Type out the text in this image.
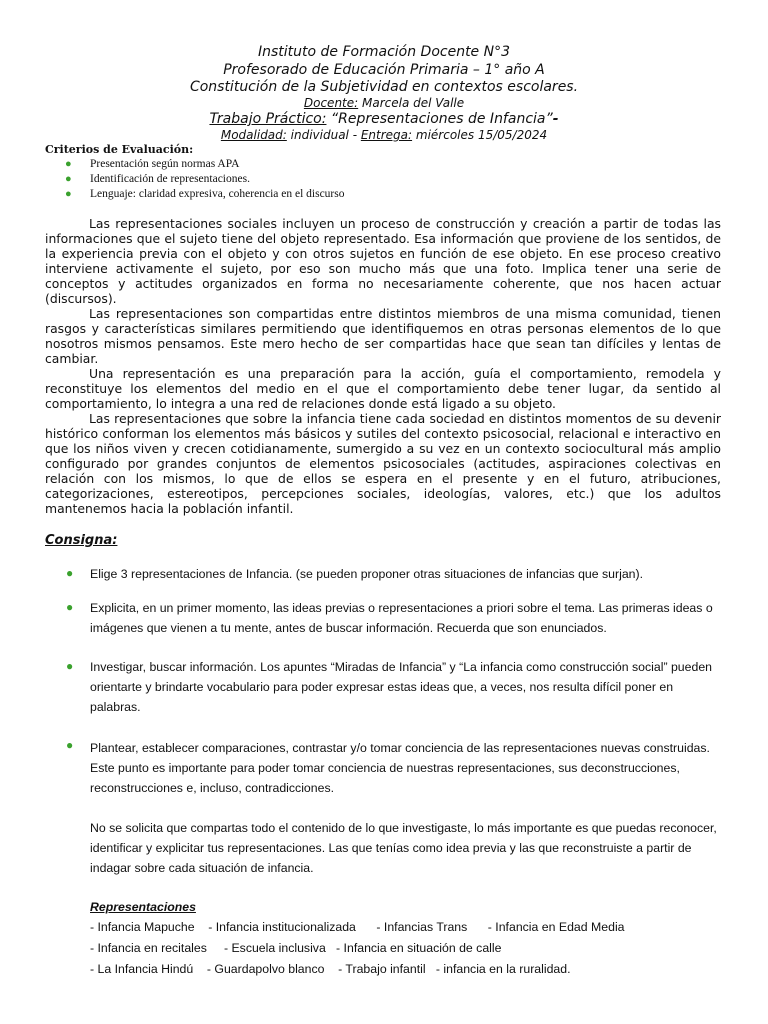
Instituto de Formación Docente N°3
Profesorado de Educación Primaria – 1° año A
Constitución de la Subjetividad en contextos escolares.
Docente: Marcela del Valle
Trabajo Práctico: “Representaciones de Infancia”-
Modalidad: individual - Entrega: miércoles 15/05/2024
Criterios de Evaluación:
● Presentación según normas APA
● Identificación de representaciones.
● Lenguaje: claridad expresiva, coherencia en el discurso
Las representaciones sociales incluyen un proceso de construcción y creación a partir de todas las informaciones que el sujeto tiene del objeto representado. Esa información que proviene de los sentidos, de la experiencia previa con el objeto y con otros sujetos en función de ese objeto. En ese proceso creativo interviene activamente el sujeto, por eso son mucho más que una foto. Implica tener una serie de conceptos y actitudes organizados en forma no necesariamente coherente, que nos hacen actuar (discursos).
Las representaciones son compartidas entre distintos miembros de una misma comunidad, tienen rasgos y características similares permitiendo que identifiquemos en otras personas elementos de lo que nosotros mismos pensamos. Este mero hecho de ser compartidas hace que sean tan difíciles y lentas de cambiar.
Una representación es una preparación para la acción, guía el comportamiento, remodela y reconstituye los elementos del medio en el que el comportamiento debe tener lugar, da sentido al comportamiento, lo integra a una red de relaciones donde está ligado a su objeto.
Las representaciones que sobre la infancia tiene cada sociedad en distintos momentos de su devenir histórico conforman los elementos más básicos y sutiles del contexto psicosocial, relacional e interactivo en que los niños viven y crecen cotidianamente, sumergido a su vez en un contexto sociocultural más amplio configurado por grandes conjuntos de elementos psicosociales (actitudes, aspiraciones colectivas en relación con los mismos, lo que de ellos se espera en el presente y en el futuro, atribuciones, categorizaciones, estereotipos, percepciones sociales, ideologías, valores, etc.) que los adultos mantenemos hacia la población infantil.
Consigna:
● Elige 3 representaciones de Infancia. (se pueden proponer otras situaciones de infancias que surjan).
● Explicita, en un primer momento, las ideas previas o representaciones a priori sobre el tema. Las primeras ideas o imágenes que vienen a tu mente, antes de buscar información. Recuerda que son enunciados.
● Investigar, buscar información. Los apuntes “Miradas de Infancia” y “La infancia como construcción social” pueden orientarte y brindarte vocabulario para poder expresar estas ideas que, a veces, nos resulta difícil poner en palabras.
● Plantear, establecer comparaciones, contrastar y/o tomar conciencia de las representaciones nuevas construidas. Este punto es importante para poder tomar conciencia de nuestras representaciones, sus deconstrucciones, reconstrucciones e, incluso, contradicciones.
No se solicita que compartas todo el contenido de lo que investigaste, lo más importante es que puedas reconocer, identificar y explicitar tus representaciones. Las que tenías como idea previa y las que reconstruiste a partir de indagar sobre cada situación de infancia.
Representaciones
- Infancia Mapuche    - Infancia institucionalizada      - Infancias Trans      - Infancia en Edad Media
- Infancia en recitales     - Escuela inclusiva   - Infancia en situación de calle
- La Infancia Hindú    - Guardapolvo blanco    - Trabajo infantil   - infancia en la ruralidad.
